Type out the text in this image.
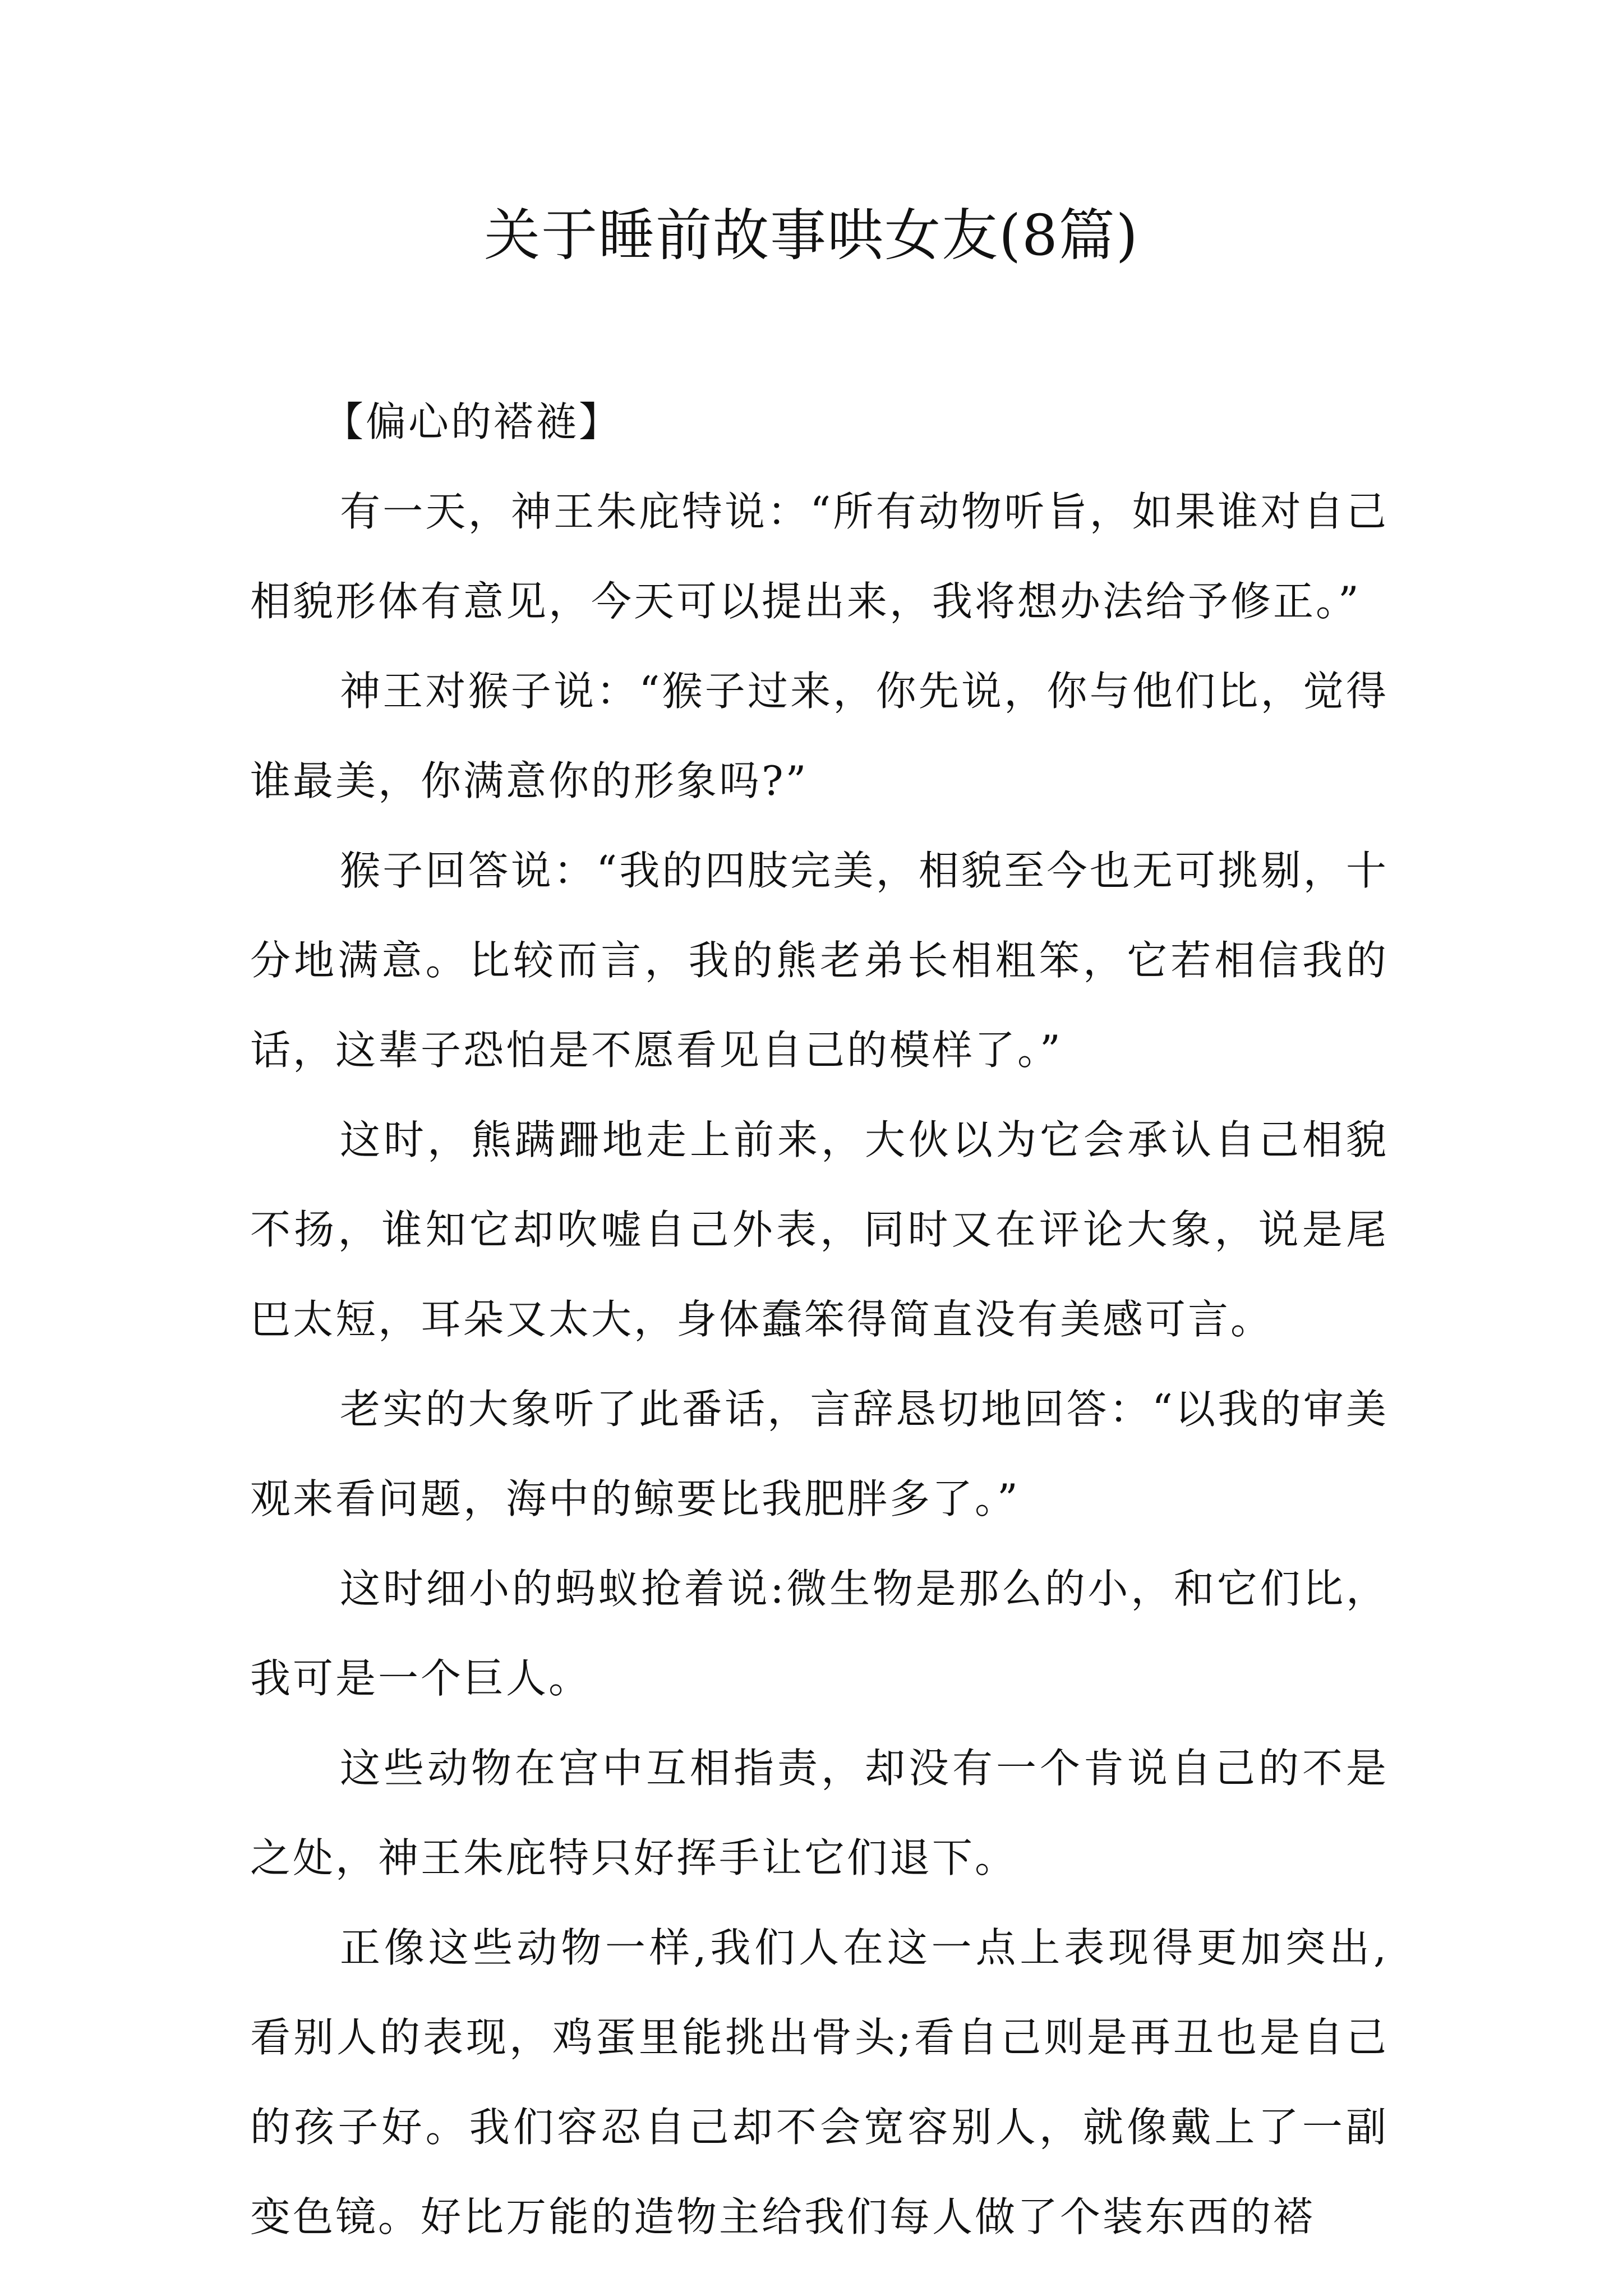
关于睡前故事哄女友(8篇)

【偏心的褡裢】

有一天，神王朱庇特说：“所有动物听旨，如果谁对自己相貌形体有意见，今天可以提出来，我将想办法给予修正。”

神王对猴子说：“猴子过来，你先说，你与他们比，觉得谁最美，你满意你的形象吗?”

猴子回答说：“我的四肢完美，相貌至今也无可挑剔，十分地满意。比较而言，我的熊老弟长相粗笨，它若相信我的话，这辈子恐怕是不愿看见自己的模样了。”

这时，熊蹒跚地走上前来，大伙以为它会承认自己相貌不扬，谁知它却吹嘘自己外表，同时又在评论大象，说是尾巴太短，耳朵又太大，身体蠢笨得简直没有美感可言。

老实的大象听了此番话，言辞恳切地回答：“以我的审美观来看问题，海中的鲸要比我肥胖多了。”

这时细小的蚂蚁抢着说:微生物是那么的小，和它们比，我可是一个巨人。

这些动物在宫中互相指责，却没有一个肯说自己的不是之处，神王朱庇特只好挥手让它们退下。

正像这些动物一样,我们人在这一点上表现得更加突出,看别人的表现，鸡蛋里能挑出骨头;看自己则是再丑也是自己的孩子好。我们容忍自己却不会宽容别人，就像戴上了一副变色镜。好比万能的造物主给我们每人做了个装东西的褡
